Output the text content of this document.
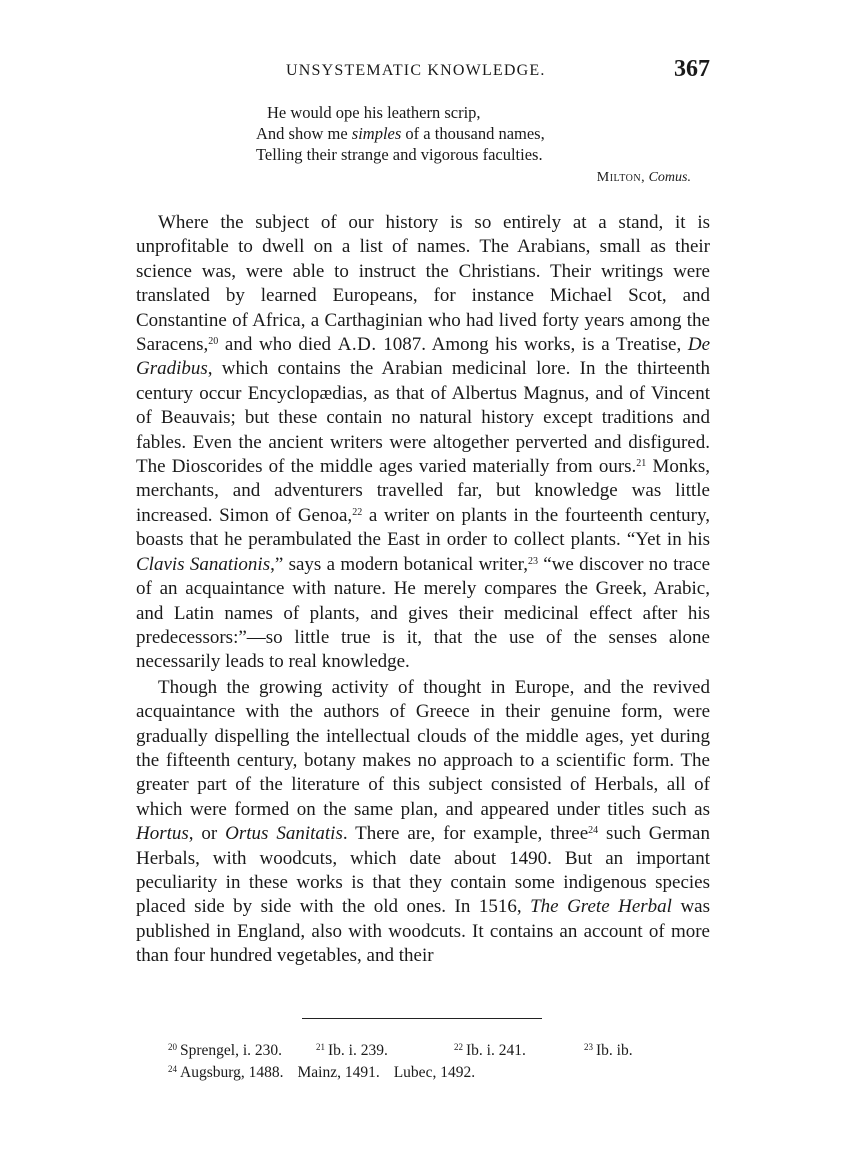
UNSYSTEMATIC KNOWLEDGE.	367
He would ope his leathern scrip,
And show me simples of a thousand names,
Telling their strange and vigorous faculties.
Milton, Comus.

Where the subject of our history is so entirely at a stand, it is unprofitable to dwell on a list of names. The Arabians, small as their science was, were able to instruct the Christians. Their writings were translated by learned Europeans, for instance Michael Scot, and Constantine of Africa, a Carthaginian who had lived forty years among the Saracens,$^{20}$ and who died A.D. 1087. Among his works, is a Treatise, De Gradibus, which contains the Arabian medicinal lore. In the thirteenth century occur Encyclopædias, as that of Albertus Magnus, and of Vincent of Beauvais; but these contain no natural history except traditions and fables. Even the ancient writers were altogether perverted and disfigured. The Dioscorides of the middle ages varied materially from ours.$^{21}$ Monks, merchants, and adventurers travelled far, but knowledge was little increased. Simon of Genoa,$^{22}$ a writer on plants in the fourteenth century, boasts that he perambulated the East in order to collect plants. “Yet in his Clavis Sanationis,” says a modern botanical writer,$^{23}$ “we discover no trace of an acquaintance with nature. He merely compares the Greek, Arabic, and Latin names of plants, and gives their medicinal effect after his predecessors:”—so little true is it, that the use of the senses alone necessarily leads to real knowledge.

Though the growing activity of thought in Europe, and the revived acquaintance with the authors of Greece in their genuine form, were gradually dispelling the intellectual clouds of the middle ages, yet during the fifteenth century, botany makes no approach to a scientific form. The greater part of the literature of this subject consisted of Herbals, all of which were formed on the same plan, and appeared under titles such as Hortus, or Ortus Sanitatis. There are, for example, three$^{24}$ such German Herbals, with woodcuts, which date about 1490. But an important peculiarity in these works is that they contain some indigenous species placed side by side with the old ones. In 1516, The Grete Herbal was published in England, also with woodcuts. It contains an account of more than four hundred vegetables, and their

$^{20}$ Sprengel, i. 230.	$^{21}$ Ib. i. 239.	$^{22}$ Ib. i. 241.	$^{23}$ Ib. ib.
$^{24}$ Augsburg, 1488. Mainz, 1491. Lubec, 1492.
